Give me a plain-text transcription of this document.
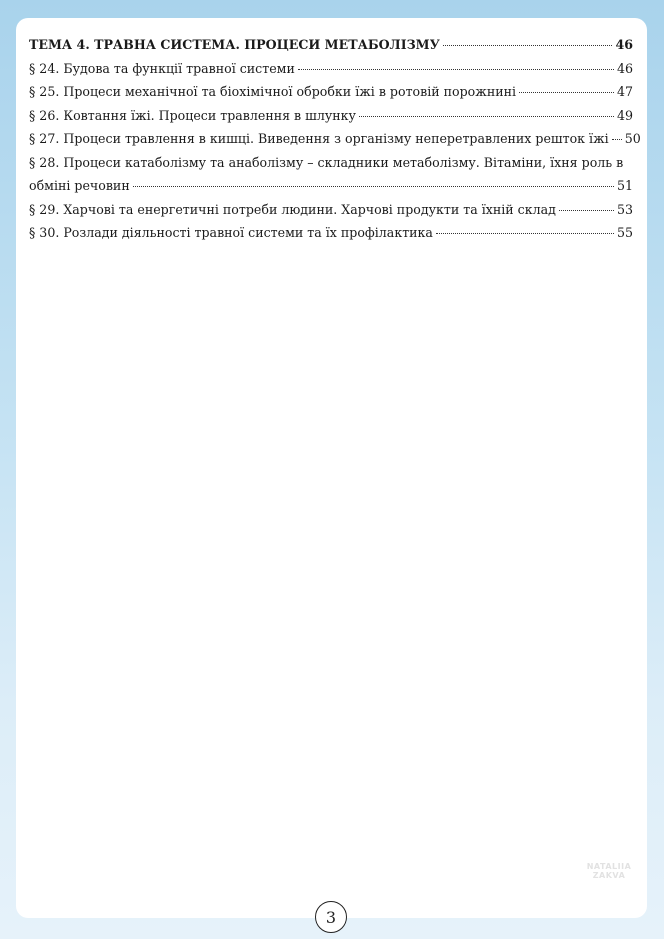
ТЕМА 4. ТРАВНА СИСТЕМА. ПРОЦЕСИ МЕТАБОЛІЗМУ	46
§ 24. Будова та функції травної системи	46
§ 25. Процеси механічної та біохімічної обробки їжі в ротовій порожнині	47
§ 26. Ковтання їжі. Процеси травлення в шлунку	49
§ 27. Процеси травлення в кишці. Виведення з організму неперетравлених решток їжі 50
§ 28. Процеси катаболізму та анаболізму – складники метаболізму. Вітаміни, їхня роль в
обміні речовин	51
§ 29. Харчові та енергетичні потреби людини. Харчові продукти та їхній склад	53
§ 30. Розлади діяльності травної системи та їх профілактика	55
NATALIIA
ZAKVA
3
